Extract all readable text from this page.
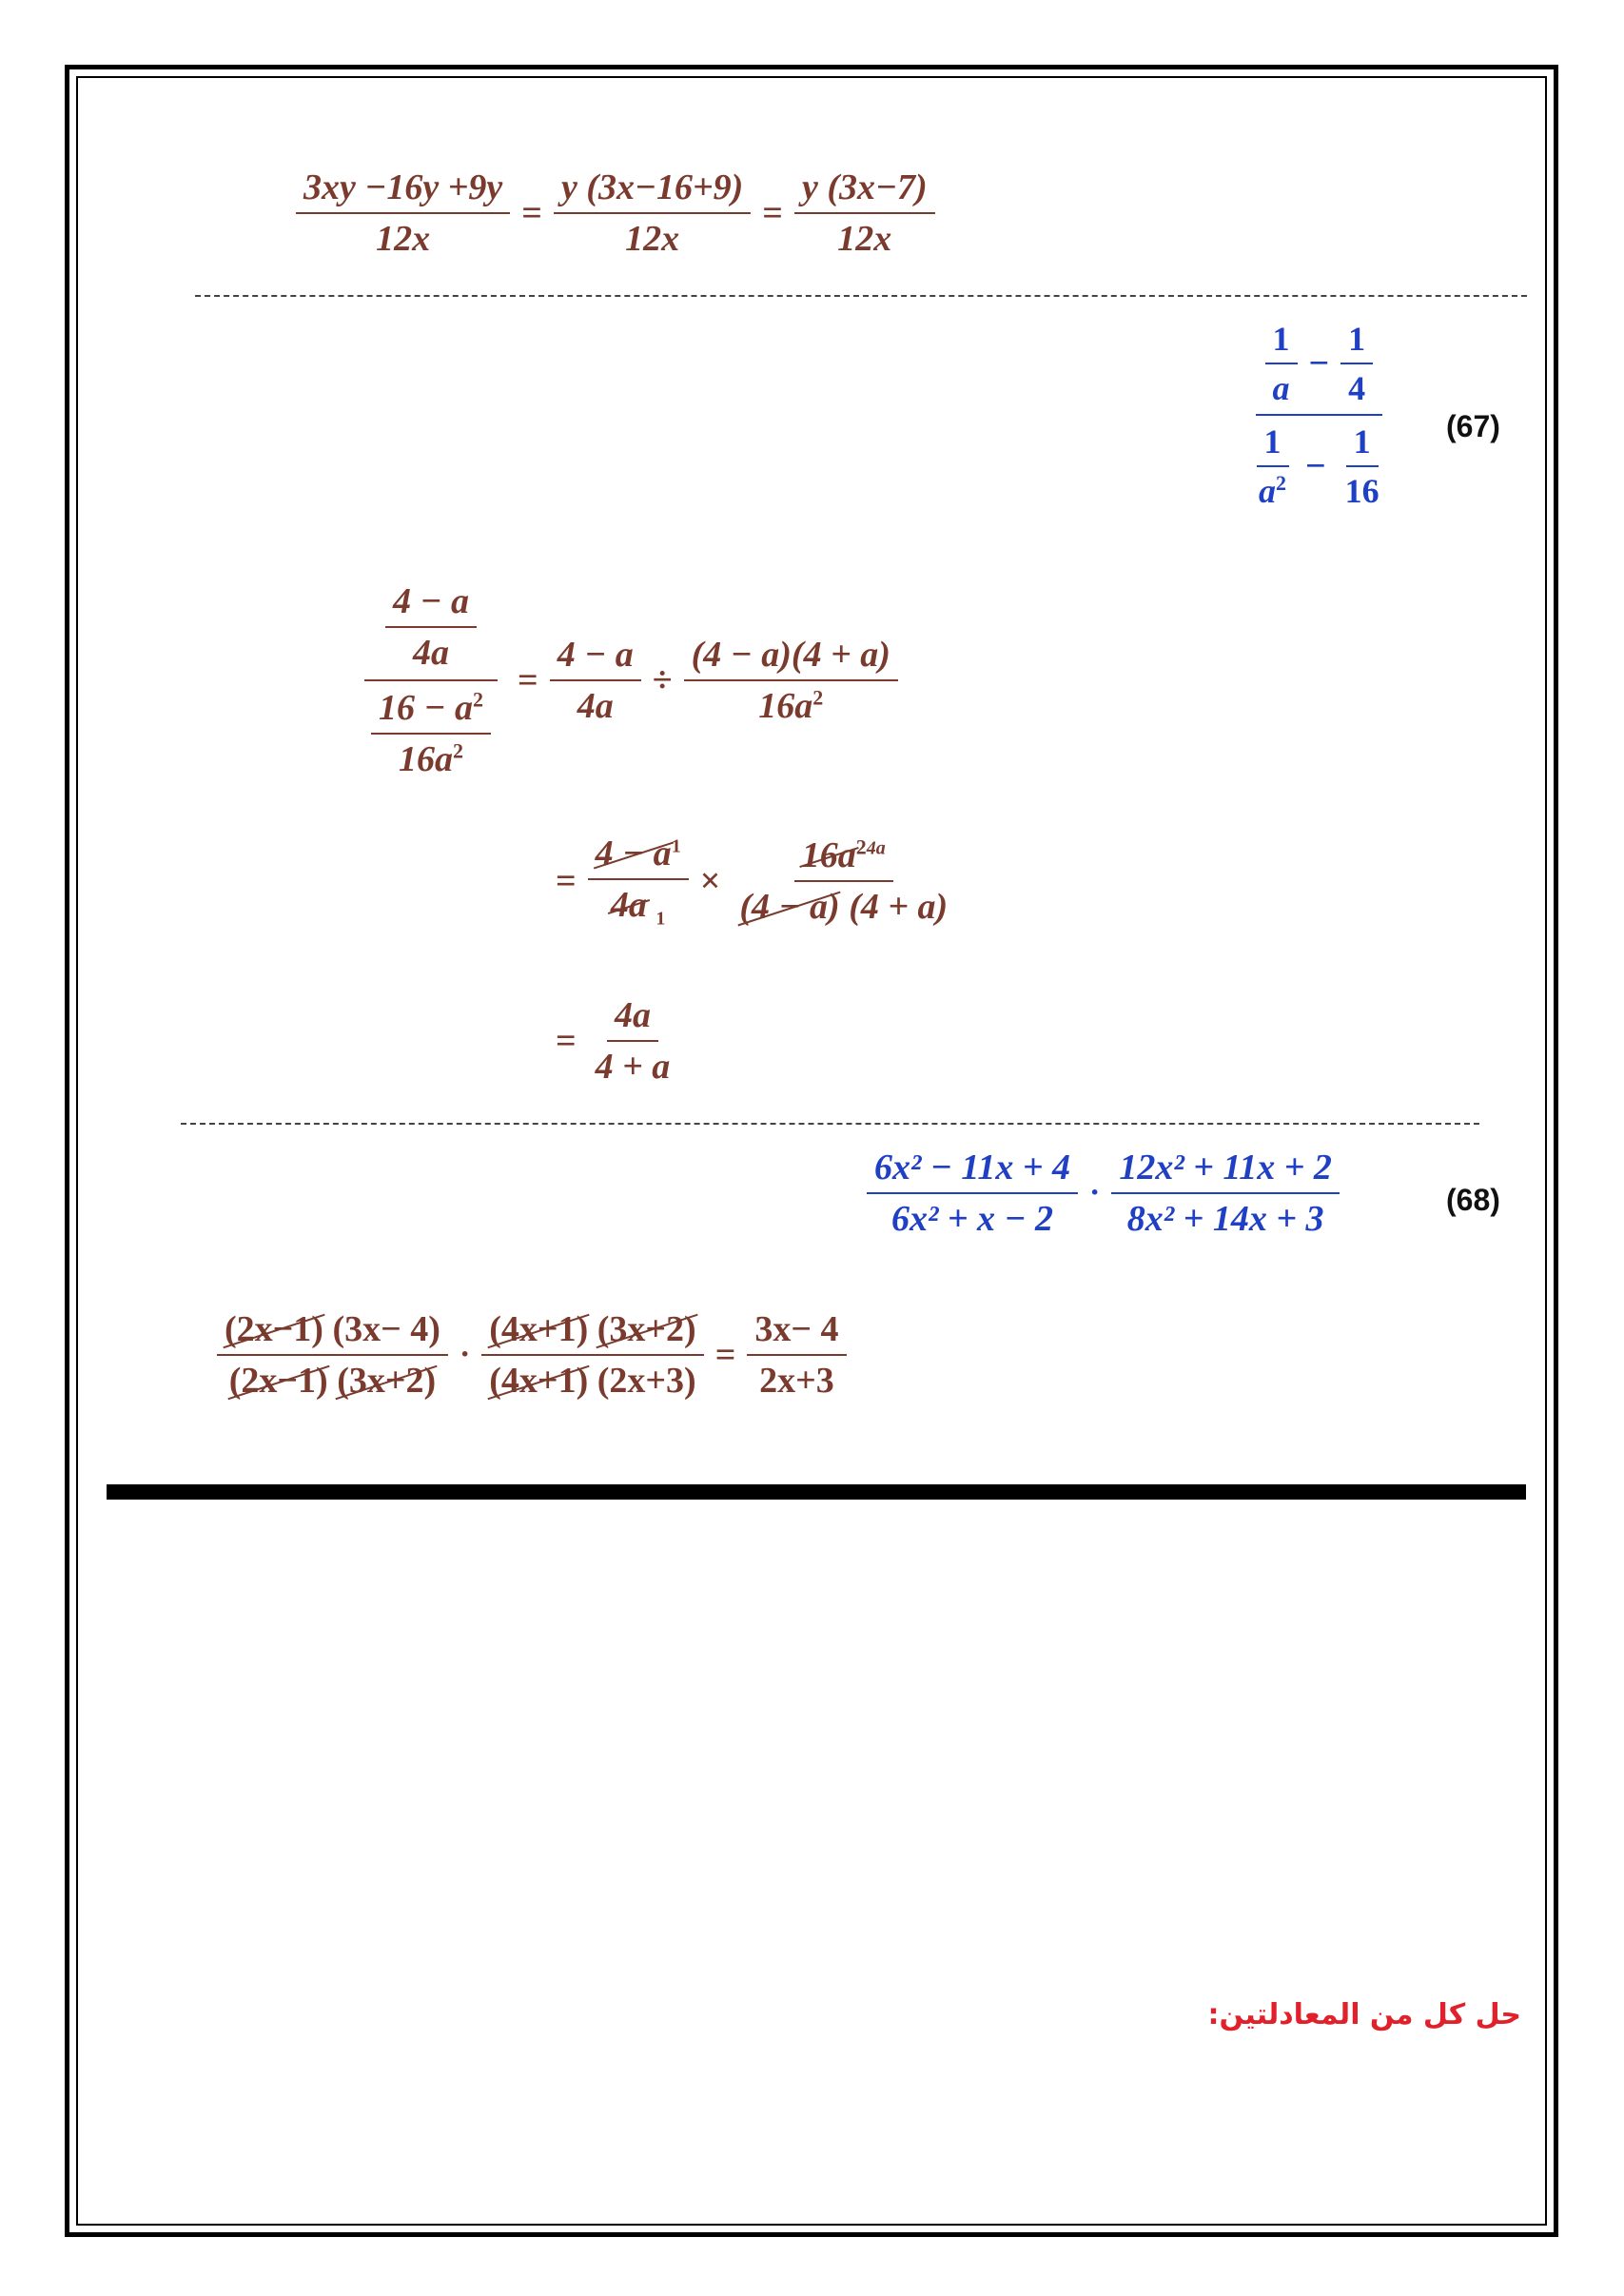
$\frac{3xy -16y +9y}{12x} = \frac{y (3x-16+9)}{12x} = \frac{y (3x-7)}{12x}$
$\frac{\frac{1}{a} - \frac{1}{4}}{\frac{1}{a^2} - \frac{1}{16}} (67)$
$\frac{\frac{4 - a}{4a}}{\frac{16 - a^2}{16a^2}} = \frac{4 - a}{4a} \div \frac{(4 - a)(4 + a)}{16a^2}$
= $\frac{4 - a^1}{4a _1} \times \frac{16a^{24a}}{(4 - a) (4 + a)}$
= $\frac{4a}{4 + a}$
$\frac{\text{6x² − 11x + 4}}{\text{6x² + x − 2}} \cdot \frac{\text{12x² + 11x + 2}}{\text{8x² + 14x + 3}}$	(68)
$\frac{(2x-1) (3x- 4)}{(2x-1) (3x+2)} \cdot \frac{(4x+1) (3x+2)}{(4x+1) (2x+3)} = \frac{3x- 4}{2x+3}$
حل كل من المعادلتين:
